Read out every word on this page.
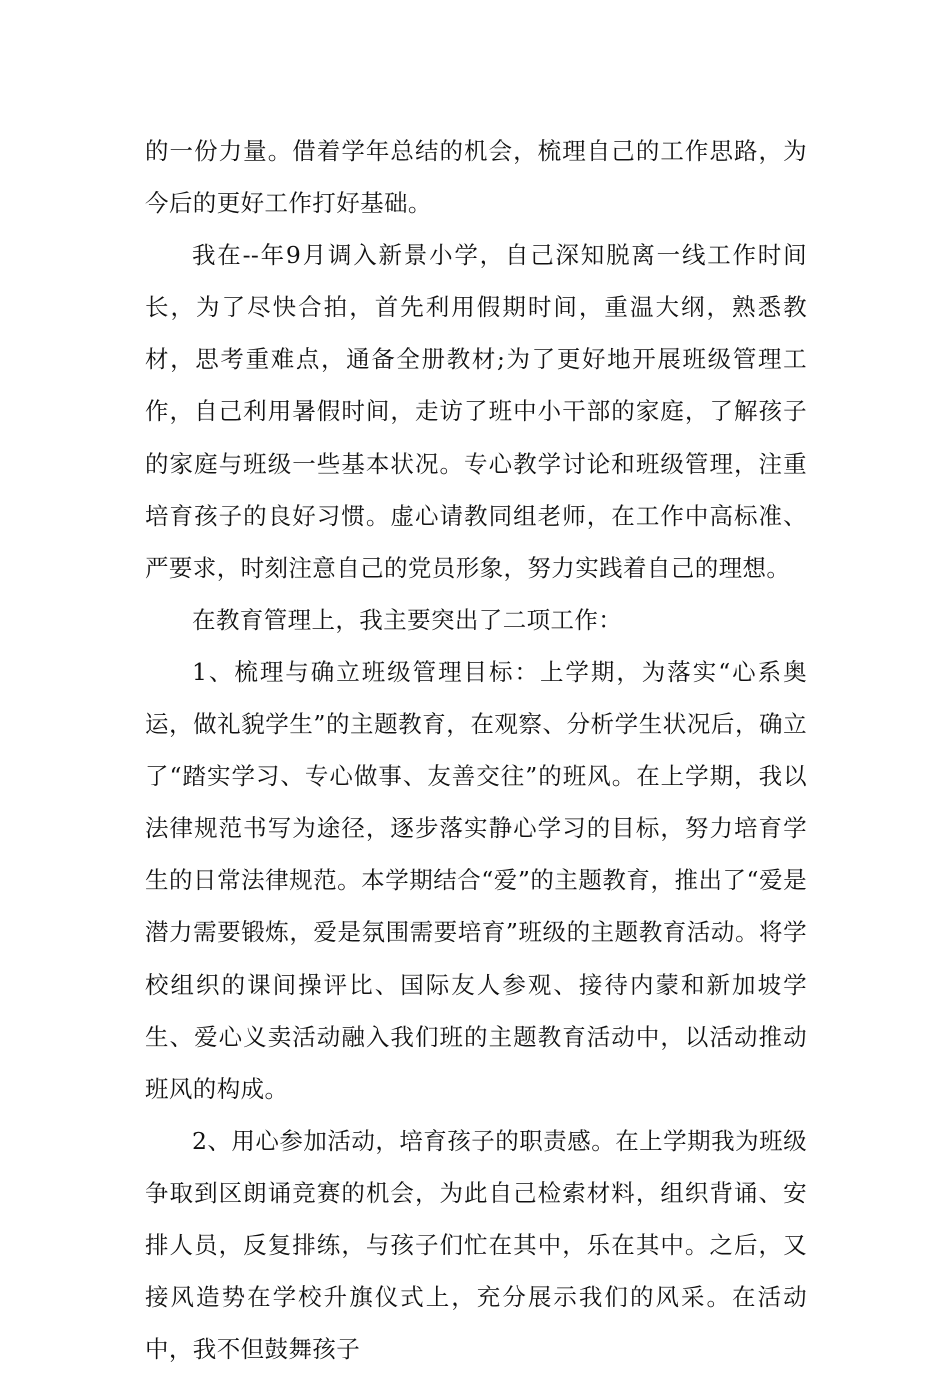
的一份力量。借着学年总结的机会，梳理自己的工作思路，为今后的更好工作打好基础。

我在--年9月调入新景小学，自己深知脱离一线工作时间长，为了尽快合拍，首先利用假期时间，重温大纲，熟悉教材，思考重难点，通备全册教材;为了更好地开展班级管理工作，自己利用暑假时间，走访了班中小干部的家庭，了解孩子的家庭与班级一些基本状况。专心教学讨论和班级管理，注重培育孩子的良好习惯。虚心请教同组老师，在工作中高标准、严要求，时刻注意自己的党员形象，努力实践着自己的理想。

在教育管理上，我主要突出了二项工作：

1、梳理与确立班级管理目标：上学期，为落实“心系奥运，做礼貌学生”的主题教育，在观察、分析学生状况后，确立了“踏实学习、专心做事、友善交往”的班风。在上学期，我以法律规范书写为途径，逐步落实静心学习的目标，努力培育学生的日常法律规范。本学期结合“爱”的主题教育，推出了“爱是潜力需要锻炼，爱是氛围需要培育”班级的主题教育活动。将学校组织的课间操评比、国际友人参观、接待内蒙和新加坡学生、爱心义卖活动融入我们班的主题教育活动中，以活动推动班风的构成。

2、用心参加活动，培育孩子的职责感。在上学期我为班级争取到区朗诵竞赛的机会，为此自己检索材料，组织背诵、安排人员，反复排练，与孩子们忙在其中，乐在其中。之后，又接风造势在学校升旗仪式上，充分展示我们的风采。在活动中，我不但鼓舞孩子
